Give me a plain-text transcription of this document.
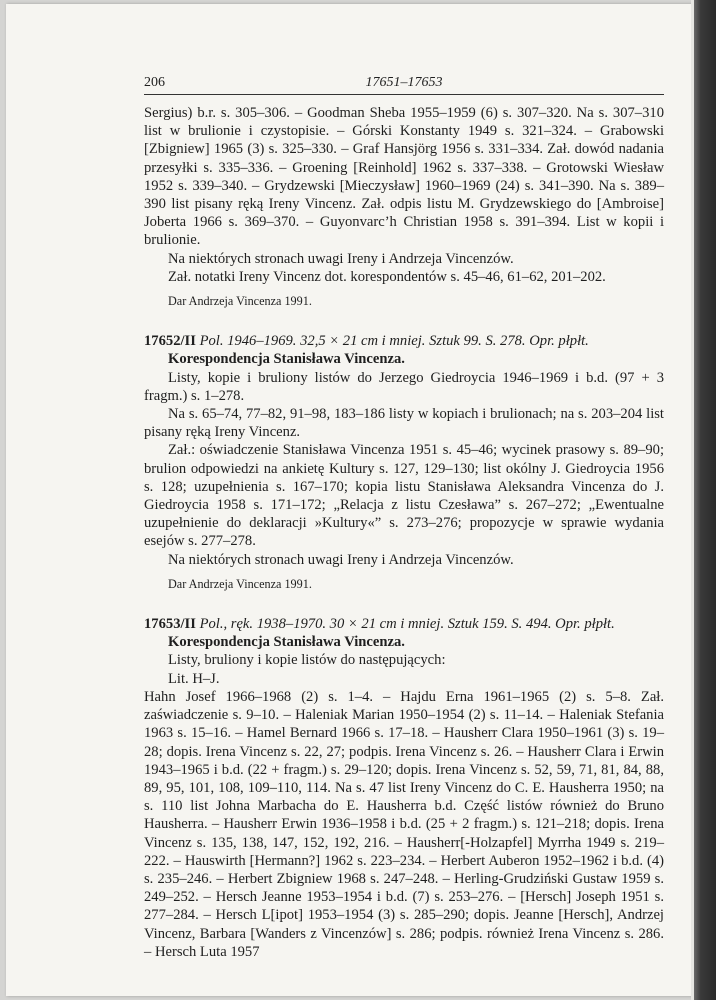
206	17651–17653

Sergius) b.r. s. 305–306. – Goodman Sheba 1955–1959 (6) s. 307–320. Na s. 307–310 list w brulionie i czystopisie. – Górski Konstanty 1949 s. 321–324. – Grabowski [Zbigniew] 1965 (3) s. 325–330. – Graf Hansjörg 1956 s. 331–334. Zał. dowód nadania przesyłki s. 335–336. – Groening [Reinhold] 1962 s. 337–338. – Grotowski Wiesław 1952 s. 339–340. – Grydzewski [Mieczysław] 1960–1969 (24) s. 341–390. Na s. 389–390 list pisany ręką Ireny Vincenz. Zał. odpis listu M. Grydzewskiego do [Ambroise] Joberta 1966 s. 369–370. – Guyonvarc’h Christian 1958 s. 391–394. List w kopii i brulionie.

Na niektórych stronach uwagi Ireny i Andrzeja Vincenzów.

Zał. notatki Ireny Vincenz dot. korespondentów s. 45–46, 61–62, 201–202.

Dar Andrzeja Vincenza 1991.

17652/II Pol. 1946–1969. 32,5 × 21 cm i mniej. Sztuk 99. S. 278. Opr. płpłt.

Korespondencja Stanisława Vincenza.

Listy, kopie i bruliony listów do Jerzego Giedroycia 1946–1969 i b.d. (97 + 3 fragm.) s. 1–278.

Na s. 65–74, 77–82, 91–98, 183–186 listy w kopiach i brulionach; na s. 203–204 list pisany ręką Ireny Vincenz.

Zał.: oświadczenie Stanisława Vincenza 1951 s. 45–46; wycinek prasowy s. 89–90; brulion odpowiedzi na ankietę Kultury s. 127, 129–130; list okólny J. Giedroycia 1956 s. 128; uzupełnienia s. 167–170; kopia listu Stanisława Aleksandra Vincenza do J. Giedroycia 1958 s. 171–172; „Relacja z listu Czesława” s. 267–272; „Ewentualne uzupełnienie do deklaracji »Kultury«” s. 273–276; propozycje w sprawie wydania esejów s. 277–278.

Na niektórych stronach uwagi Ireny i Andrzeja Vincenzów.

Dar Andrzeja Vincenza 1991.

17653/II Pol., ręk. 1938–1970. 30 × 21 cm i mniej. Sztuk 159. S. 494. Opr. płpłt.

Korespondencja Stanisława Vincenza.

Listy, bruliony i kopie listów do następujących:

Lit. H–J.

Hahn Josef 1966–1968 (2) s. 1–4. – Hajdu Erna 1961–1965 (2) s. 5–8. Zał. zaświadczenie s. 9–10. – Haleniak Marian 1950–1954 (2) s. 11–14. – Haleniak Stefania 1963 s. 15–16. – Hamel Bernard 1966 s. 17–18. – Hausherr Clara 1950–1961 (3) s. 19–28; dopis. Irena Vincenz s. 22, 27; podpis. Irena Vincenz s. 26. – Hausherr Clara i Erwin 1943–1965 i b.d. (22 + fragm.) s. 29–120; dopis. Irena Vincenz s. 52, 59, 71, 81, 84, 88, 89, 95, 101, 108, 109–110, 114. Na s. 47 list Ireny Vincenz do C. E. Hausherra 1950; na s. 110 list Johna Marbacha do E. Hausherra b.d. Część listów również do Bruno Hausherra. – Hausherr Erwin 1936–1958 i b.d. (25 + 2 fragm.) s. 121–218; dopis. Irena Vincenz s. 135, 138, 147, 152, 192, 216. – Hausherr[-Holzapfel] Myrrha 1949 s. 219–222. – Hauswirth [Hermann?] 1962 s. 223–234. – Herbert Auberon 1952–1962 i b.d. (4) s. 235–246. – Herbert Zbigniew 1968 s. 247–248. – Herling-Grudziński Gustaw 1959 s. 249–252. – Hersch Jeanne 1953–1954 i b.d. (7) s. 253–276. – [Hersch] Joseph 1951 s. 277–284. – Hersch L[ipot] 1953–1954 (3) s. 285–290; dopis. Jeanne [Hersch], Andrzej Vincenz, Barbara [Wanders z Vincenzów] s. 286; podpis. również Irena Vincenz s. 286. – Hersch Luta 1957
